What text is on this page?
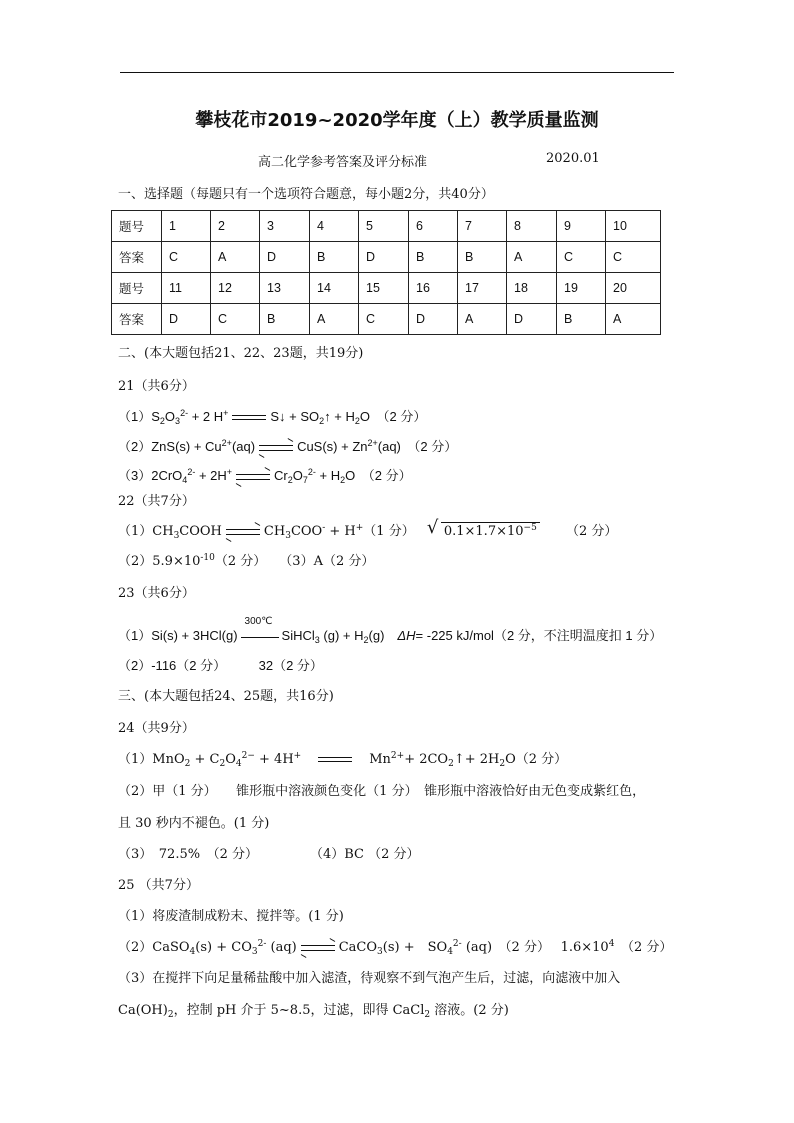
攀枝花市2019~2020学年度（上）教学质量监测
高二化学参考答案及评分标准	2020.01
一、选择题（每题只有一个选项符合题意，每小题2分，共40分）
题号	1	2	3	4	5	6	7	8	9	10
答案	C	A	D	B	D	B	B	A	C	C
题号	11	12	13	14	15	16	17	18	19	20
答案	D	C	B	A	C	D	A	D	B	A
二、(本大题包括21、22、23题，共19分)
21（共6分）
$(1)S_2O_3^{2-} + 2$ H+	S↓ + $SO_2↑ + H_2O$　（2 分）
$(2)ZnS(s) + Cu^{2+}(aq)$	$CuS(s) + Zn^{2+}(aq)$　（2 分）
（3）2CrO$_4^{2-}$ + 2H+	$Cr_2O_7^{2-} + H_2O$　（2 分）
22（共7分）
$(1)CH_3COOH$	$CH_3COO^- + H^+(1$ 分） √ $0.1\times 1.7\times 10^{-5}$ （2 分）
$(2)5.9\times 10^{-10}(2$ 分）　　（3）A（2 分）
23（共6分）
（1）Si(s) + 3HCl(g)
300℃
SiHCl$_3$ $(g) + H_2(g)$　ΔH= -225 kJ/mol（2 分，不注明温度扣 1 分）
（2）-116（2 分）　　　32（2 分）
三、(本大题包括24、25题，共16分)
24（共9分）
$(1)MnO_2 + C_2O_4^{2-} + 4H^+$　	　$Mn^{2+}+$ $2CO_2↑+ 2H_2O(2$ 分）
（2）甲（1 分）　　锥形瓶中溶液颜色变化（1 分）　锥形瓶中溶液恰好由无色变成紫红色，
且 30 秒内不褪色。(1 分)
（3）　72.5%　（2 分）　　　　　（4）BC （2 分）
25 （共7分）
（1）将废渣制成粉末、搅拌等。(1 分)
（2）CaSO$_4$(s) + $CO_3^{2-}$ (aq)	CaCO$_3$(s) +　$SO_4^{2-}$ (aq)　（2 分）　 $1.6\times 10^4$　（2 分）
（3）在搅拌下向足量稀盐酸中加入滤渣，待观察不到气泡产生后，过滤，向滤液中加入
$Ca(OH)_2$，控制 pH 介于 5~8.5，过滤，即得 CaCl$_2$ 溶液。(2 分)
